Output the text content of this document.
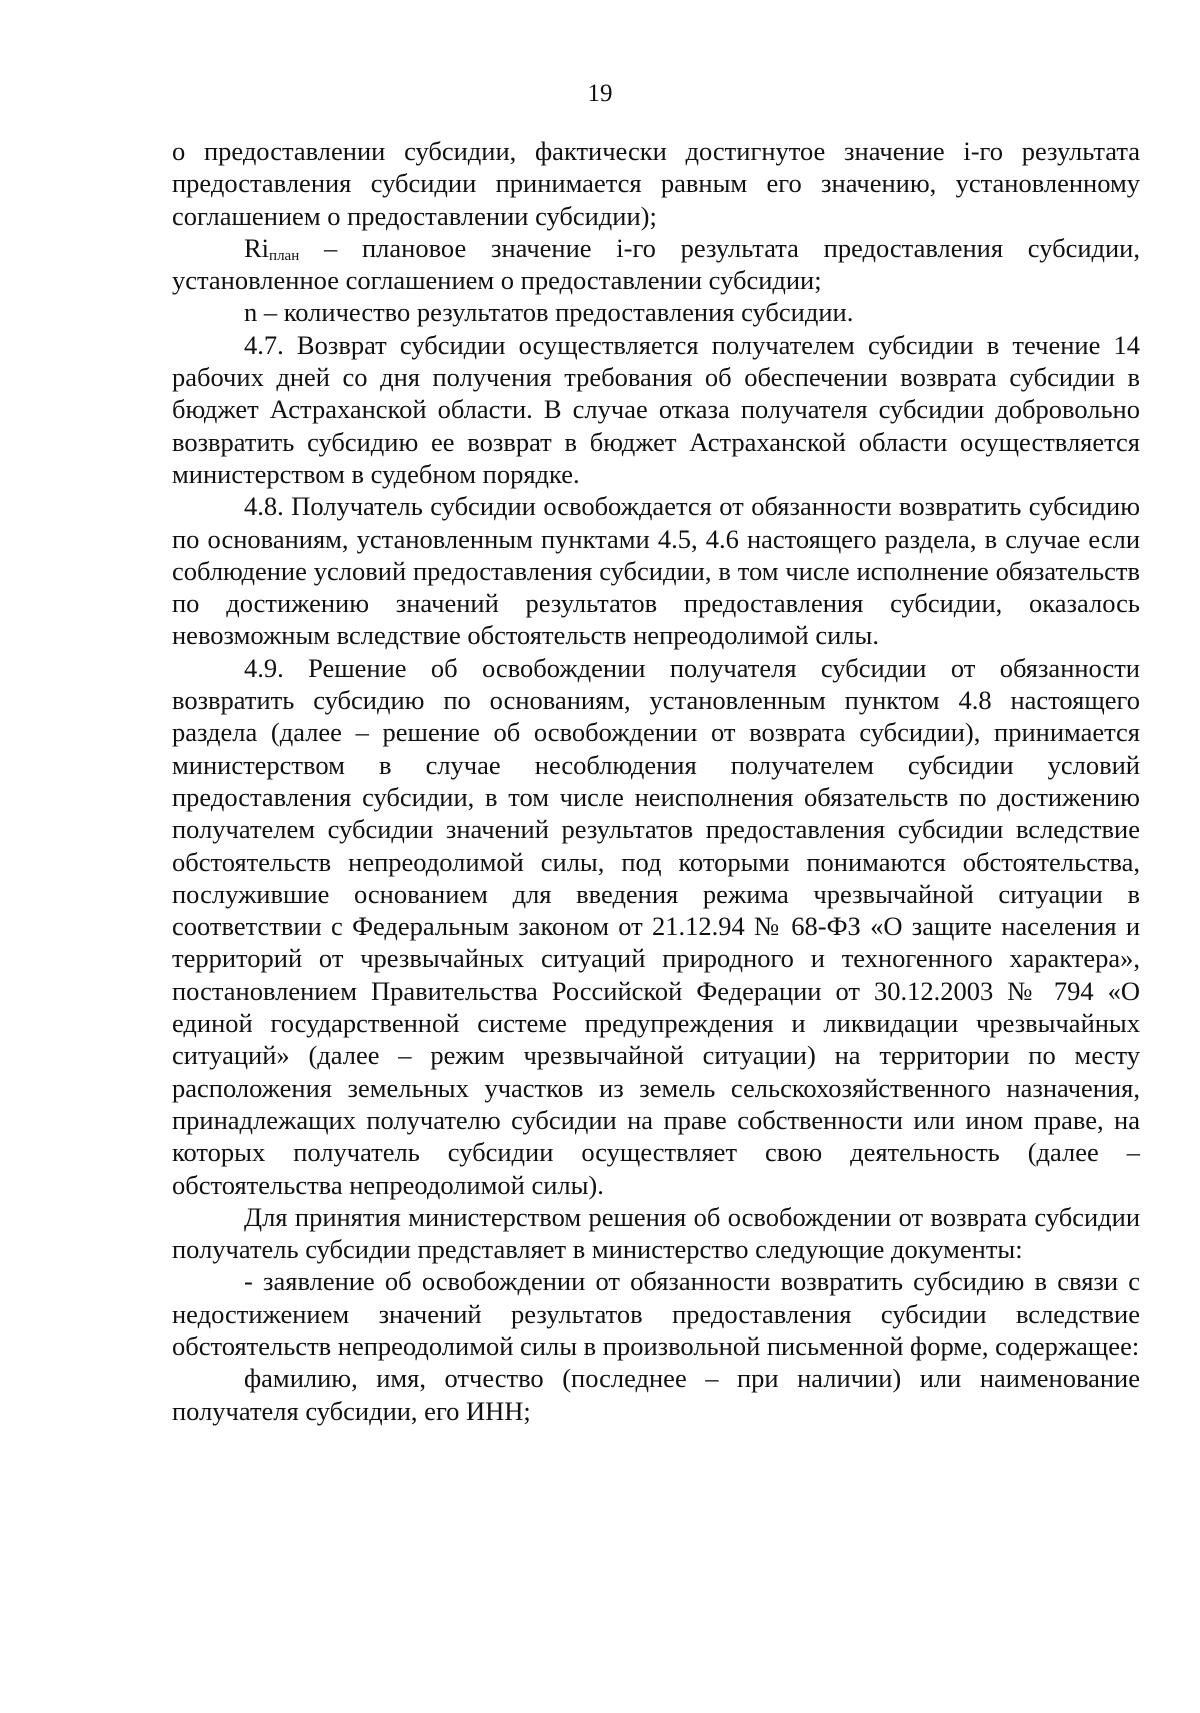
19

о предоставлении субсидии, фактически достигнутое значение i-го результата предоставления субсидии принимается равным его значению, установленному соглашением о предоставлении субсидии);

$Ri_{план}$ – плановое значение i-го результата предоставления субсидии, установленное соглашением о предоставлении субсидии;

n – количество результатов предоставления субсидии.

4.7. Возврат субсидии осуществляется получателем субсидии в течение 14 рабочих дней со дня получения требования об обеспечении возврата субсидии в бюджет Астраханской области. В случае отказа получателя субсидии добровольно возвратить субсидию ее возврат в бюджет Астраханской области осуществляется министерством в судебном порядке.

4.8. Получатель субсидии освобождается от обязанности возвратить субсидию по основаниям, установленным пунктами 4.5, 4.6 настоящего раздела, в случае если соблюдение условий предоставления субсидии, в том числе исполнение обязательств по достижению значений результатов предоставления субсидии, оказалось невозможным вследствие обстоятельств непреодолимой силы.

4.9. Решение об освобождении получателя субсидии от обязанности возвратить субсидию по основаниям, установленным пунктом 4.8 настоящего раздела (далее – решение об освобождении от возврата субсидии), принимается министерством в случае несоблюдения получателем субсидии условий предоставления субсидии, в том числе неисполнения обязательств по достижению получателем субсидии значений результатов предоставления субсидии вследствие обстоятельств непреодолимой силы, под которыми понимаются обстоятельства, послужившие основанием для введения режима чрезвычайной ситуации в соответствии с Федеральным законом от 21.12.94 № 68-ФЗ «О защите населения и территорий от чрезвычайных ситуаций природного и техногенного характера», постановлением Правительства Российской Федерации от 30.12.2003 № 794 «О единой государственной системе предупреждения и ликвидации чрезвычайных ситуаций» (далее – режим чрезвычайной ситуации) на территории по месту расположения земельных участков из земель сельскохозяйственного назначения, принадлежащих получателю субсидии на праве собственности или ином праве, на которых получатель субсидии осуществляет свою деятельность (далее – обстоятельства непреодолимой силы).

Для принятия министерством решения об освобождении от возврата субсидии получатель субсидии представляет в министерство следующие документы:

- заявление об освобождении от обязанности возвратить субсидию в связи с недостижением значений результатов предоставления субсидии вследствие обстоятельств непреодолимой силы в произвольной письменной форме, содержащее:

фамилию, имя, отчество (последнее – при наличии) или наименование получателя субсидии, его ИНН;
